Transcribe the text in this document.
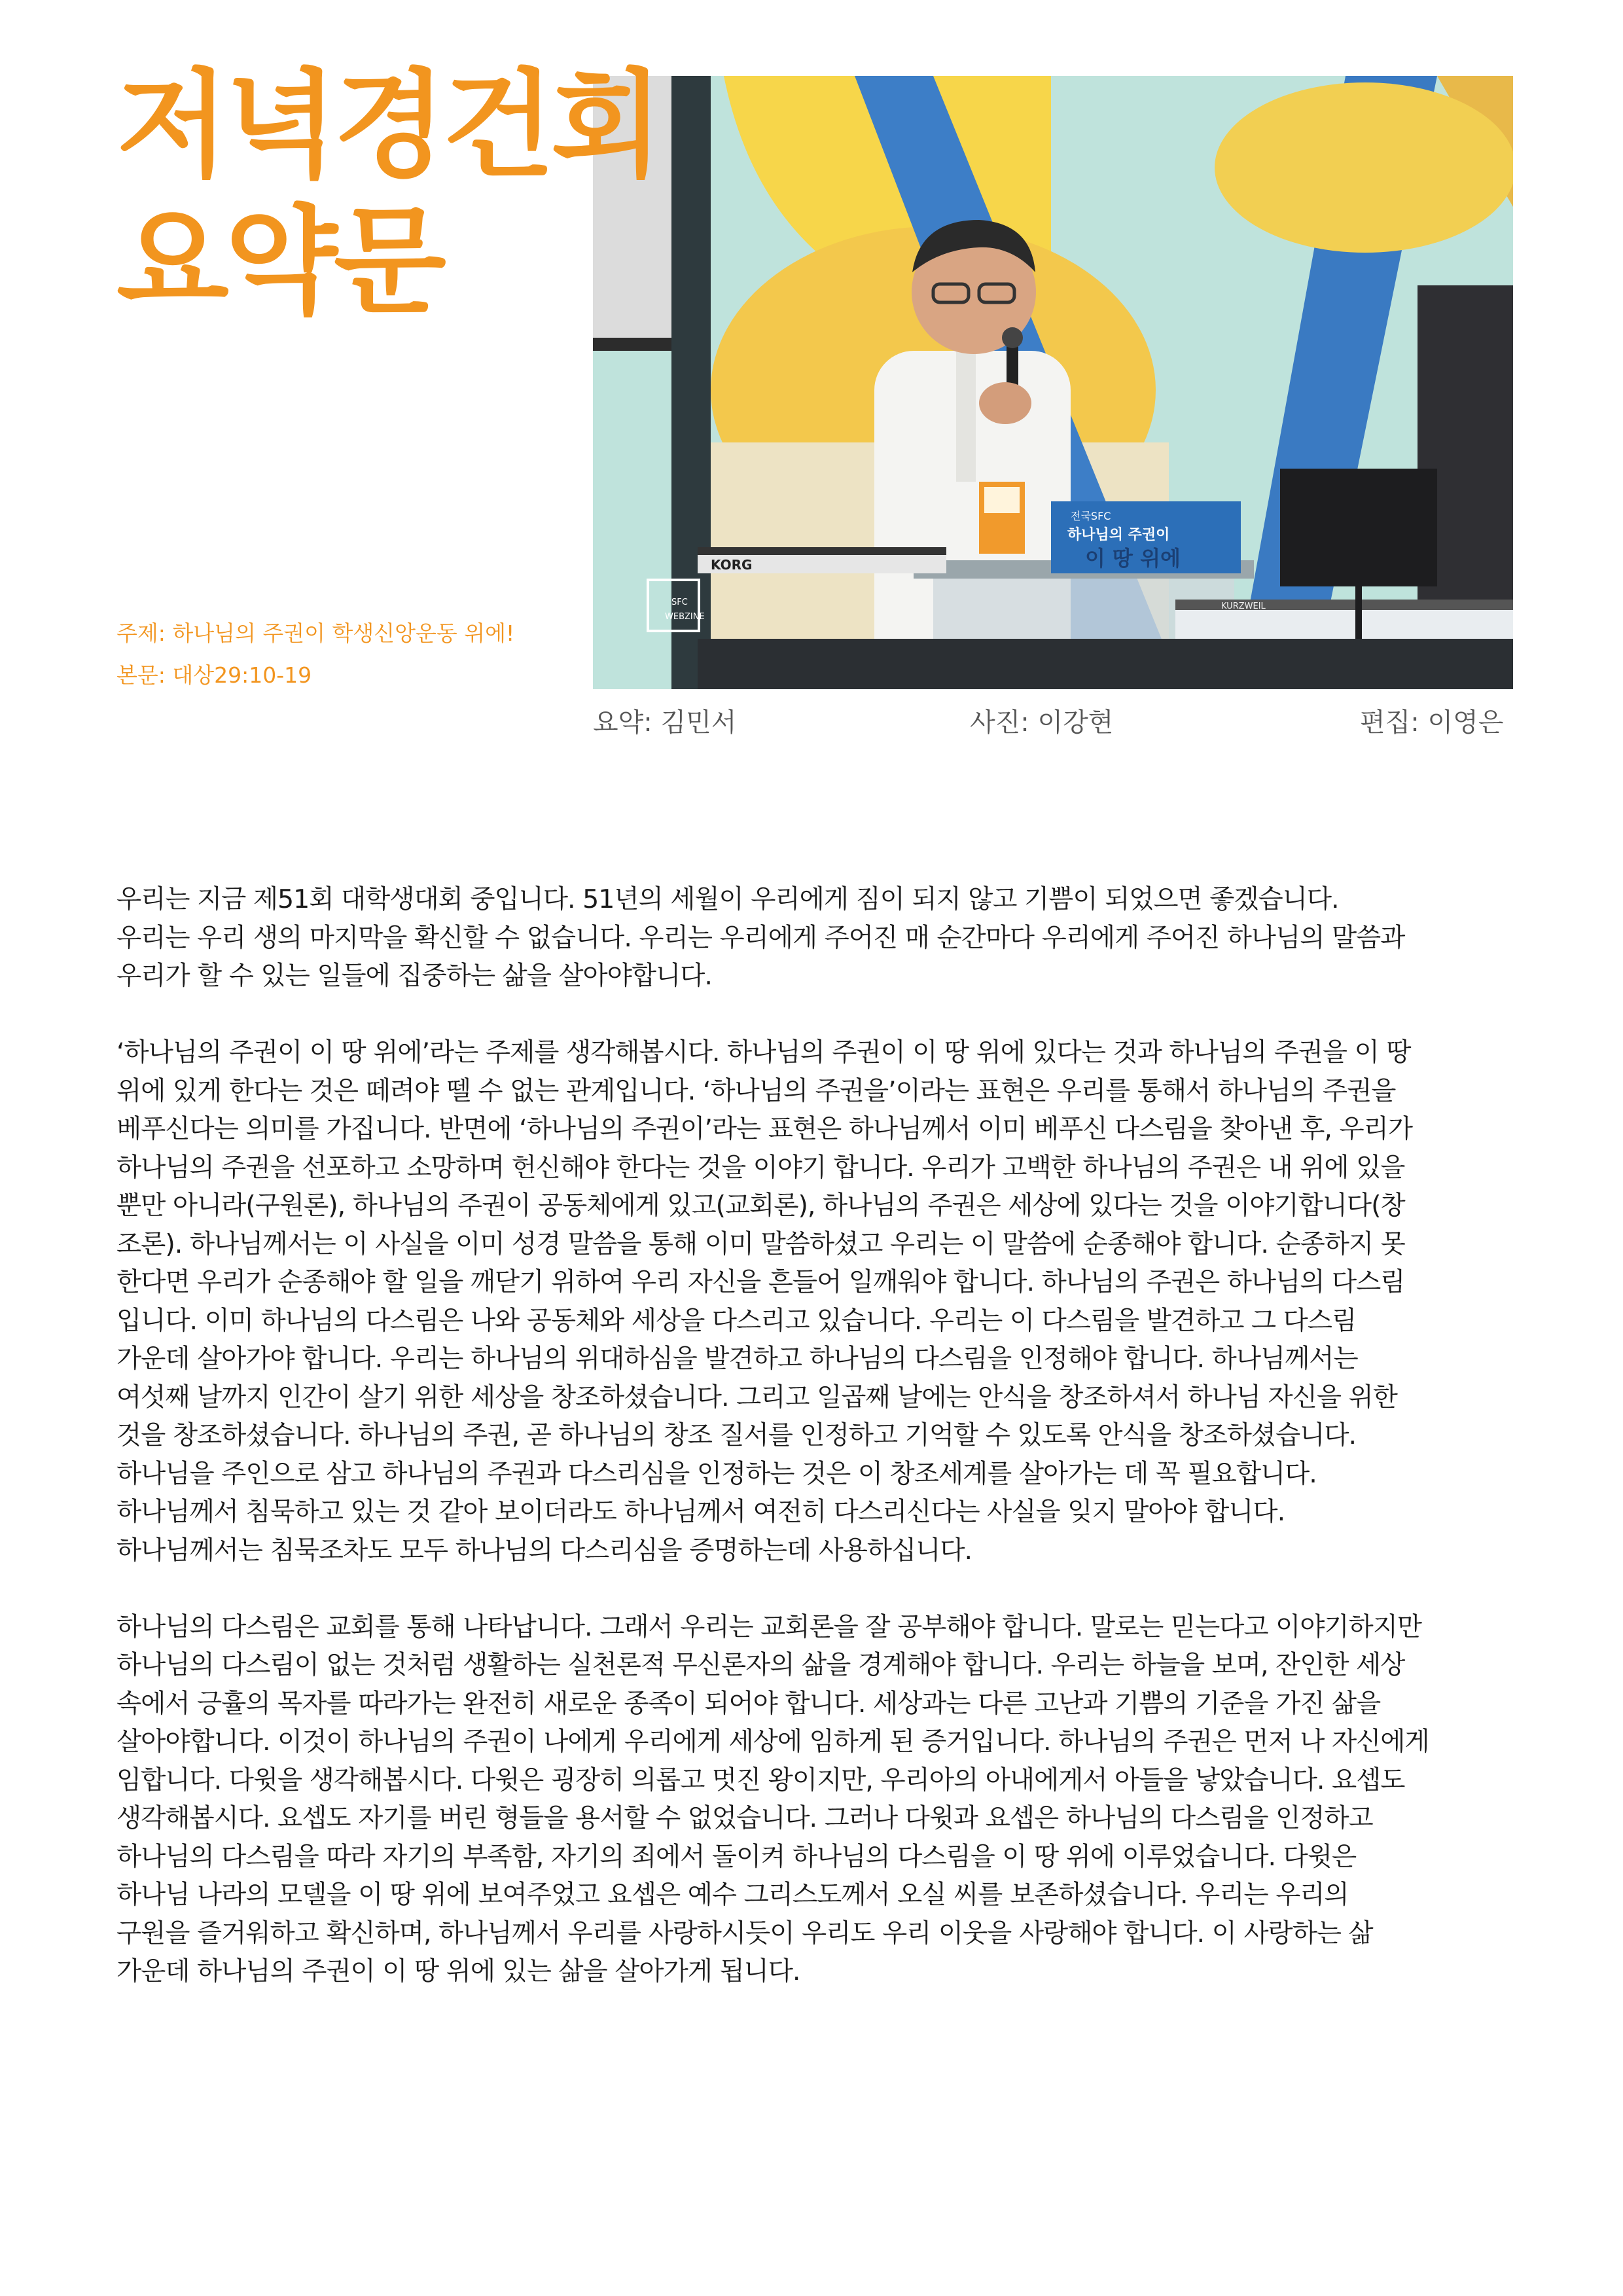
저녁경건회
요약문
주제: 하나님의 주권이 학생신앙운동 위에!
본문: 대상29:10-19
전국SFC
하나님의 주권이
이 땅 위에
KORG
KURZWEIL
SFC
WEBZINE
요약: 김민서	사진: 이강현	편집: 이영은

우리는 지금 제51회 대학생대회 중입니다. 51년의 세월이 우리에게 짐이 되지 않고 기쁨이 되었으면 좋겠습니다.
우리는 우리 생의 마지막을 확신할 수 없습니다. 우리는 우리에게 주어진 매 순간마다 우리에게 주어진 하나님의 말씀과
우리가 할 수 있는 일들에 집중하는 삶을 살아야합니다.

‘하나님의 주권이 이 땅 위에’라는 주제를 생각해봅시다. 하나님의 주권이 이 땅 위에 있다는 것과 하나님의 주권을 이 땅
위에 있게 한다는 것은 떼려야 뗄 수 없는 관계입니다. ‘하나님의 주권을’이라는 표현은 우리를 통해서 하나님의 주권을
베푸신다는 의미를 가집니다. 반면에 ‘하나님의 주권이’라는 표현은 하나님께서 이미 베푸신 다스림을 찾아낸 후, 우리가
하나님의 주권을 선포하고 소망하며 헌신해야 한다는 것을 이야기 합니다. 우리가 고백한 하나님의 주권은 내 위에 있을
뿐만 아니라(구원론), 하나님의 주권이 공동체에게 있고(교회론), 하나님의 주권은 세상에 있다는 것을 이야기합니다(창
조론). 하나님께서는 이 사실을 이미 성경 말씀을 통해 이미 말씀하셨고 우리는 이 말씀에 순종해야 합니다. 순종하지 못
한다면 우리가 순종해야 할 일을 깨닫기 위하여 우리 자신을 흔들어 일깨워야 합니다. 하나님의 주권은 하나님의 다스림
입니다. 이미 하나님의 다스림은 나와 공동체와 세상을 다스리고 있습니다. 우리는 이 다스림을 발견하고 그 다스림
가운데 살아가야 합니다. 우리는 하나님의 위대하심을 발견하고 하나님의 다스림을 인정해야 합니다. 하나님께서는
여섯째 날까지 인간이 살기 위한 세상을 창조하셨습니다. 그리고 일곱째 날에는 안식을 창조하셔서 하나님 자신을 위한
것을 창조하셨습니다. 하나님의 주권, 곧 하나님의 창조 질서를 인정하고 기억할 수 있도록 안식을 창조하셨습니다.
하나님을 주인으로 삼고 하나님의 주권과 다스리심을 인정하는 것은 이 창조세계를 살아가는 데 꼭 필요합니다.
하나님께서 침묵하고 있는 것 같아 보이더라도 하나님께서 여전히 다스리신다는 사실을 잊지 말아야 합니다.
하나님께서는 침묵조차도 모두 하나님의 다스리심을 증명하는데 사용하십니다.

하나님의 다스림은 교회를 통해 나타납니다. 그래서 우리는 교회론을 잘 공부해야 합니다. 말로는 믿는다고 이야기하지만
하나님의 다스림이 없는 것처럼 생활하는 실천론적 무신론자의 삶을 경계해야 합니다. 우리는 하늘을 보며, 잔인한 세상
속에서 긍휼의 목자를 따라가는 완전히 새로운 종족이 되어야 합니다. 세상과는 다른 고난과 기쁨의 기준을 가진 삶을
살아야합니다. 이것이 하나님의 주권이 나에게 우리에게 세상에 임하게 된 증거입니다. 하나님의 주권은 먼저 나 자신에게
임합니다. 다윗을 생각해봅시다. 다윗은 굉장히 의롭고 멋진 왕이지만, 우리아의 아내에게서 아들을 낳았습니다. 요셉도
생각해봅시다. 요셉도 자기를 버린 형들을 용서할 수 없었습니다. 그러나 다윗과 요셉은 하나님의 다스림을 인정하고
하나님의 다스림을 따라 자기의 부족함, 자기의 죄에서 돌이켜 하나님의 다스림을 이 땅 위에 이루었습니다. 다윗은
하나님 나라의 모델을 이 땅 위에 보여주었고 요셉은 예수 그리스도께서 오실 씨를 보존하셨습니다. 우리는 우리의
구원을 즐거워하고 확신하며, 하나님께서 우리를 사랑하시듯이 우리도 우리 이웃을 사랑해야 합니다. 이 사랑하는 삶
가운데 하나님의 주권이 이 땅 위에 있는 삶을 살아가게 됩니다.
